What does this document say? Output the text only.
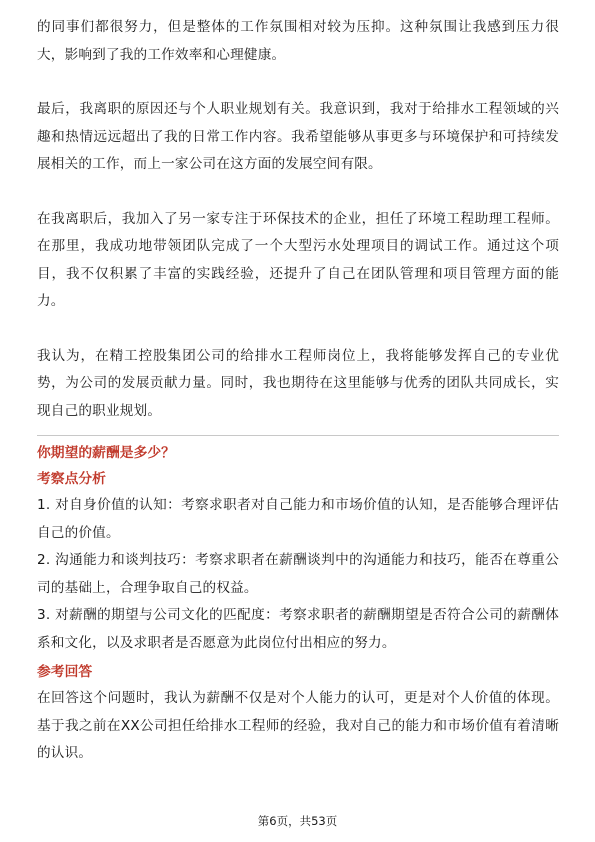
的同事们都很努力，但是整体的工作氛围相对较为压抑。这种氛围让我感到压力很大，影响到了我的工作效率和心理健康。

最后，我离职的原因还与个人职业规划有关。我意识到，我对于给排水工程领域的兴趣和热情远远超出了我的日常工作内容。我希望能够从事更多与环境保护和可持续发展相关的工作，而上一家公司在这方面的发展空间有限。

在我离职后，我加入了另一家专注于环保技术的企业，担任了环境工程助理工程师。在那里，我成功地带领团队完成了一个大型污水处理项目的调试工作。通过这个项目，我不仅积累了丰富的实践经验，还提升了自己在团队管理和项目管理方面的能力。

我认为，在精工控股集团公司的给排水工程师岗位上，我将能够发挥自己的专业优势，为公司的发展贡献力量。同时，我也期待在这里能够与优秀的团队共同成长，实现自己的职业规划。

你期望的薪酬是多少？
考察点分析

1. 对自身价值的认知：考察求职者对自己能力和市场价值的认知，是否能够合理评估自己的价值。

2. 沟通能力和谈判技巧：考察求职者在薪酬谈判中的沟通能力和技巧，能否在尊重公司的基础上，合理争取自己的权益。

3. 对薪酬的期望与公司文化的匹配度：考察求职者的薪酬期望是否符合公司的薪酬体系和文化，以及求职者是否愿意为此岗位付出相应的努力。

参考回答

在回答这个问题时，我认为薪酬不仅是对个人能力的认可，更是对个人价值的体现。基于我之前在XX公司担任给排水工程师的经验，我对自己的能力和市场价值有着清晰的认识。

第6页，共53页
